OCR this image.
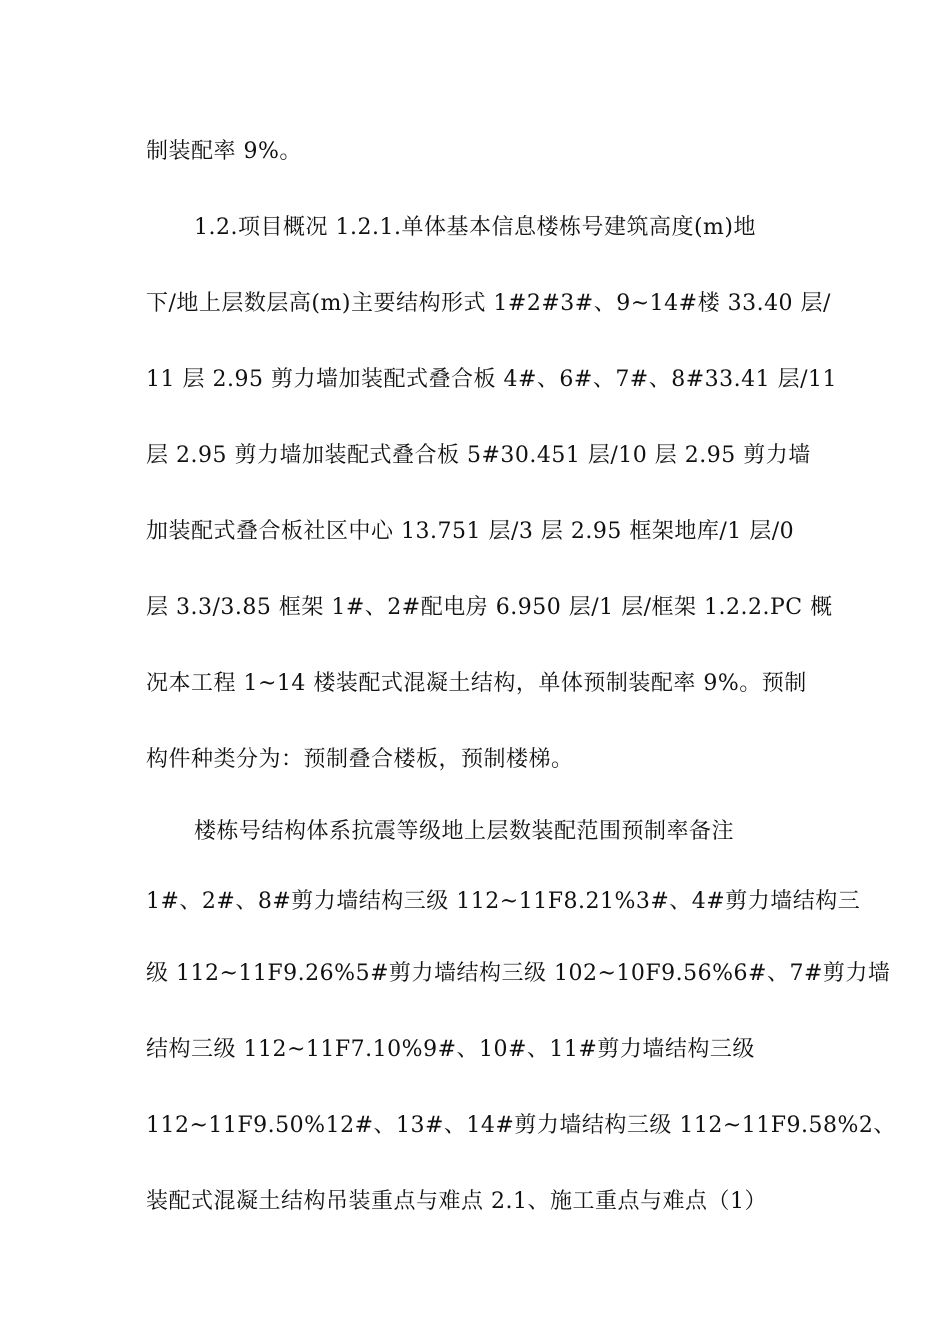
制装配率 9%。
1.2.项目概况 1.2.1.单体基本信息楼栋号建筑高度(m)地
下/地上层数层高(m)主要结构形式 1#2#3#、9~14#楼 33.40 层/
11 层 2.95 剪力墙加装配式叠合板 4#、6#、7#、8#33.41 层/11
层 2.95 剪力墙加装配式叠合板 5#30.451 层/10 层 2.95 剪力墙
加装配式叠合板社区中心 13.751 层/3 层 2.95 框架地库/1 层/0
层 3.3/3.85 框架 1#、2#配电房 6.950 层/1 层/框架 1.2.2.PC 概
况本工程 1~14 楼装配式混凝土结构，单体预制装配率 9%。预制
构件种类分为：预制叠合楼板，预制楼梯。
楼栋号结构体系抗震等级地上层数装配范围预制率备注
1#、2#、8#剪力墙结构三级 112~11F8.21%3#、4#剪力墙结构三
级 112~11F9.26%5#剪力墙结构三级 102~10F9.56%6#、7#剪力墙
结构三级 112~11F7.10%9#、10#、11#剪力墙结构三级
112~11F9.50%12#、13#、14#剪力墙结构三级 112~11F9.58%2、
装配式混凝土结构吊装重点与难点 2.1、施工重点与难点（1）
